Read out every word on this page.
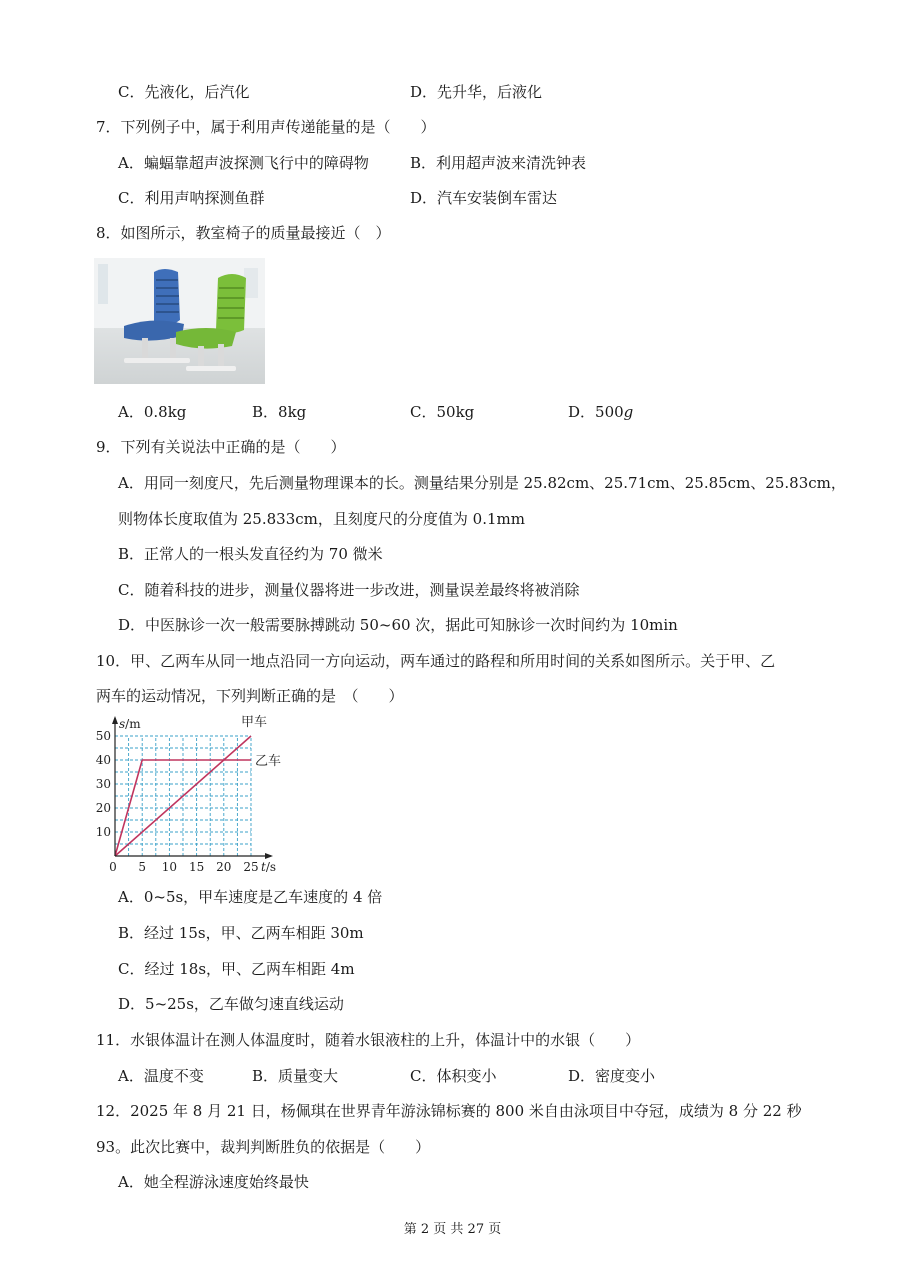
C．先液化，后汽化	D．先升华，后液化
7．下列例子中，属于利用声传递能量的是（　　）
A．蝙蝠靠超声波探测飞行中的障碍物	B．利用超声波来清洗钟表
C．利用声呐探测鱼群	D．汽车安装倒车雷达
8．如图所示，教室椅子的质量最接近（　）
A．0.8kg	B．8kg	C．50kg	D．500g
9．下列有关说法中正确的是（　　）
A．用同一刻度尺，先后测量物理课本的长。测量结果分别是 25.82cm、25.71cm、25.85cm、25.83cm，
则物体长度取值为 25.833cm，且刻度尺的分度值为 0.1mm
B．正常人的一根头发直径约为 70 微米
C．随着科技的进步，测量仪器将进一步改进，测量误差最终将被消除
D．中医脉诊一次一般需要脉搏跳动 50~60 次，据此可知脉诊一次时间约为 10min
10．甲、乙两车从同一地点沿同一方向运动，两车通过的路程和所用时间的关系如图所示。关于甲、乙
两车的运动情况，下列判断正确的是　（　　）
甲车
乙车
10
20
30
40
50
5 10 15 20 25
0
s/m
t/s
A．0~5s，甲车速度是乙车速度的 4 倍
B．经过 15s，甲、乙两车相距 30m
C．经过 18s，甲、乙两车相距 4m
D．5~25s，乙车做匀速直线运动
11．水银体温计在测人体温度时，随着水银液柱的上升，体温计中的水银（　　）
A．温度不变	B．质量变大	C．体积变小	D．密度变小
12．2025 年 8 月 21 日，杨佩琪在世界青年游泳锦标赛的 800 米自由泳项目中夺冠，成绩为 8 分 22 秒
93。此次比赛中，裁判判断胜负的依据是（　　）
A．她全程游泳速度始终最快
第 2 页 共 27 页
